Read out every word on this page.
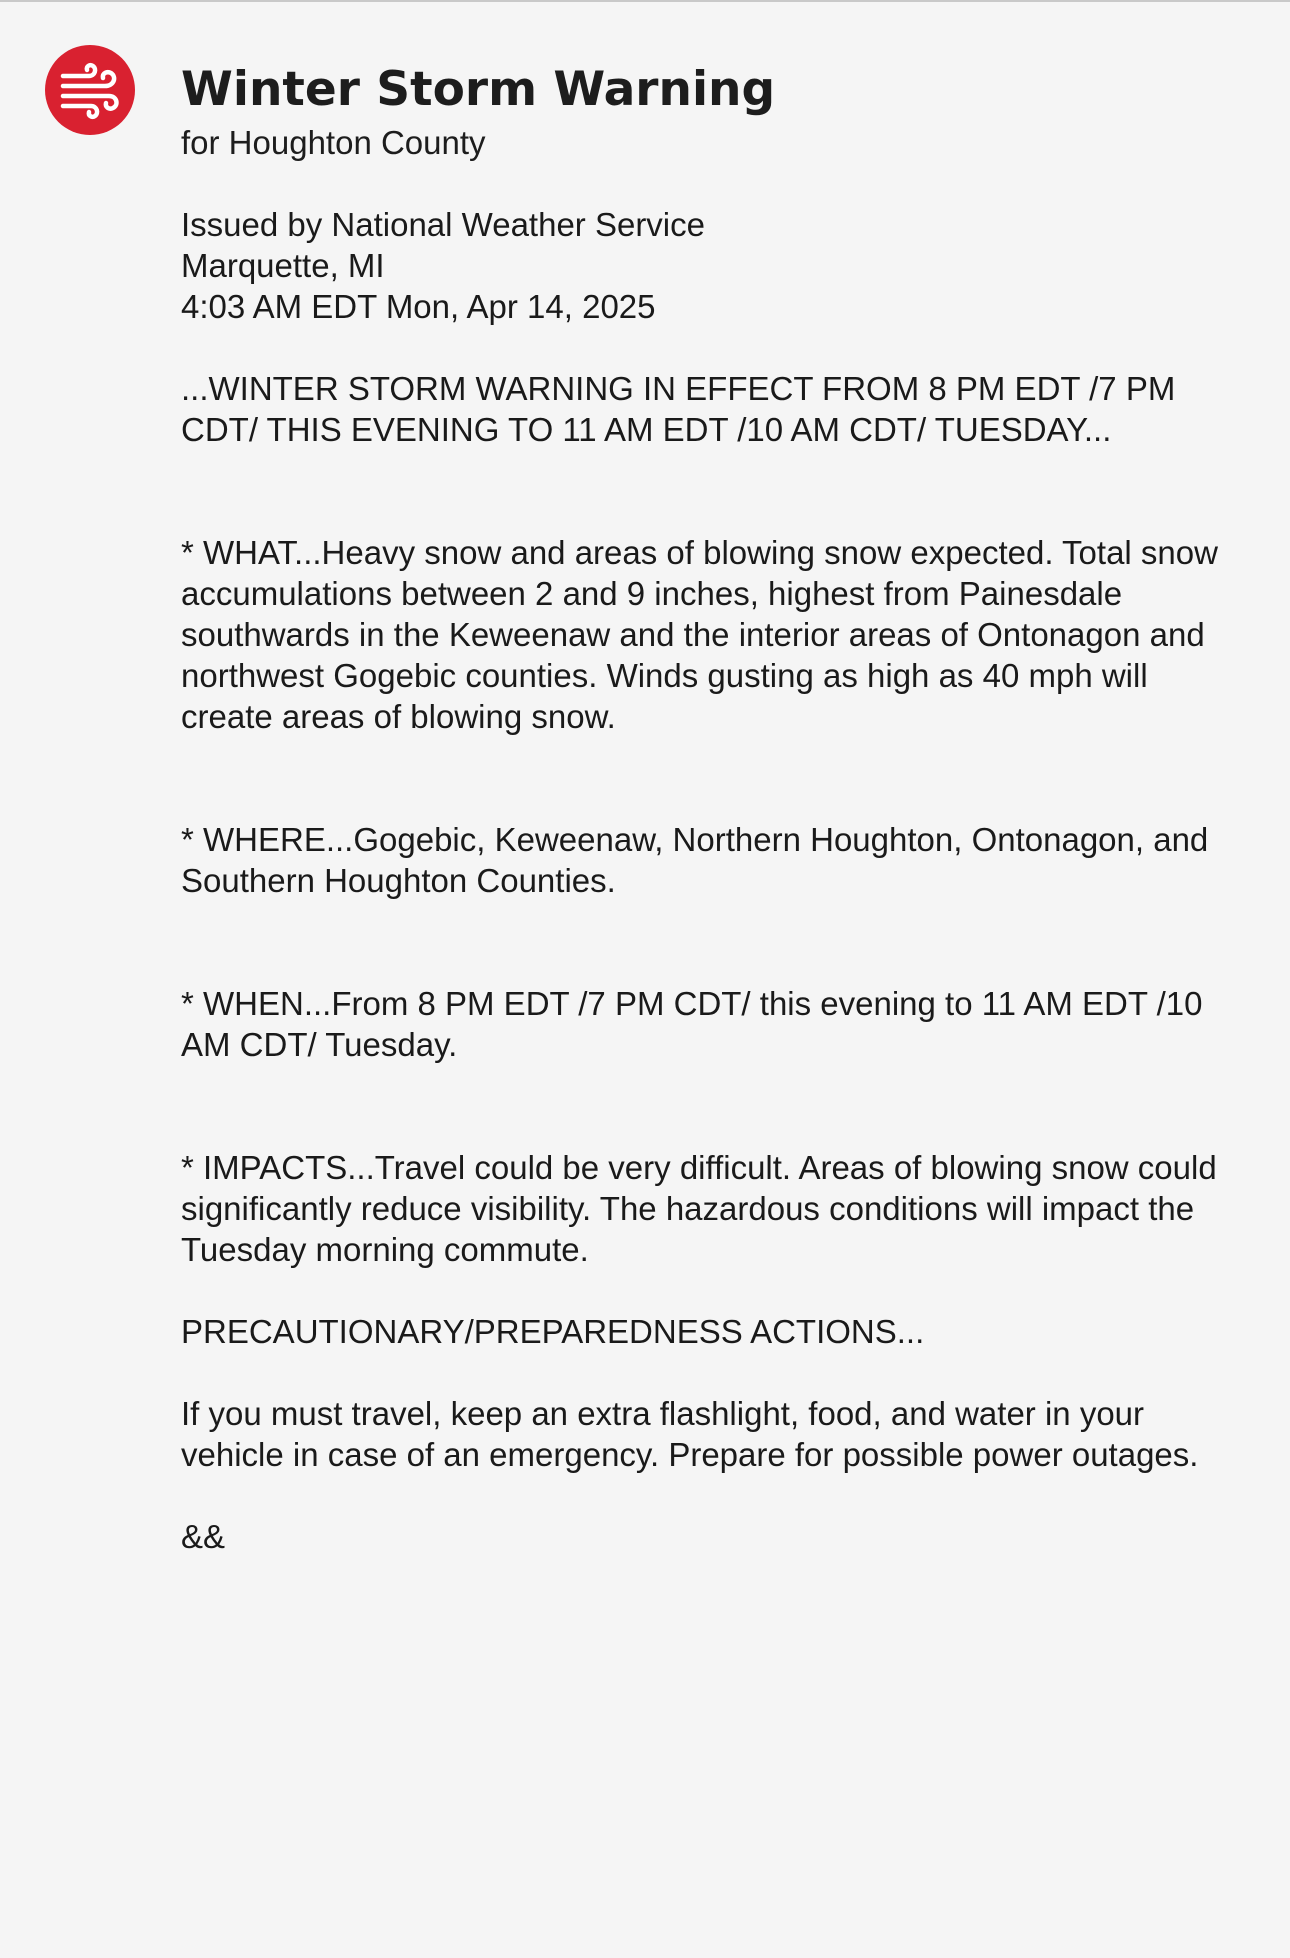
Winter Storm Warning
for Houghton County
Issued by National Weather Service
Marquette, MI
4:03 AM EDT Mon, Apr 14, 2025

...WINTER STORM WARNING IN EFFECT FROM 8 PM EDT /7 PM CDT/ THIS EVENING TO 11 AM EDT /10 AM CDT/ TUESDAY...

* WHAT...Heavy snow and areas of blowing snow expected. Total snow accumulations between 2 and 9 inches, highest from Painesdale southwards in the Keweenaw and the interior areas of Ontonagon and northwest Gogebic counties. Winds gusting as high as 40 mph will create areas of blowing snow.

* WHERE...Gogebic, Keweenaw, Northern Houghton, Ontonagon, and Southern Houghton Counties.

* WHEN...From 8 PM EDT /7 PM CDT/ this evening to 11 AM EDT /10 AM CDT/ Tuesday.

* IMPACTS...Travel could be very difficult. Areas of blowing snow could significantly reduce visibility. The hazardous conditions will impact the Tuesday morning commute.

PRECAUTIONARY/PREPAREDNESS ACTIONS...

If you must travel, keep an extra flashlight, food, and water in your vehicle in case of an emergency. Prepare for possible power outages.

&&
